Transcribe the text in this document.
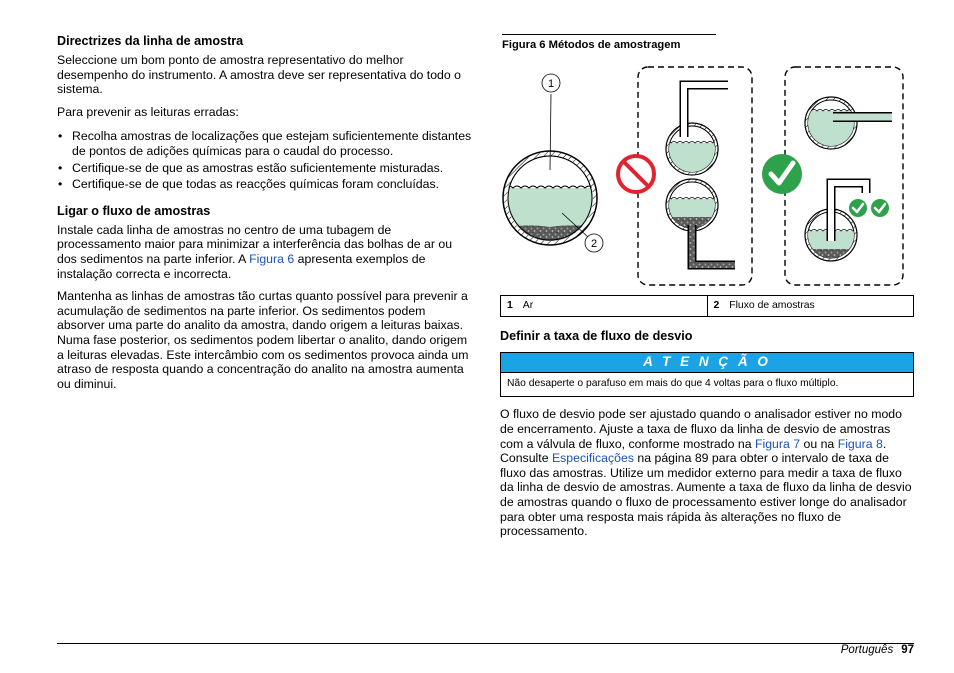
Directrizes da linha de amostra

Seleccione um bom ponto de amostra representativo do melhor desempenho do instrumento. A amostra deve ser representativa do todo o sistema.

Para prevenir as leituras erradas:

• Recolha amostras de localizações que estejam suficientemente distantes de pontos de adições químicas para o caudal do processo.
• Certifique-se de que as amostras estão suficientemente misturadas.
• Certifique-se de que todas as reacções químicas foram concluídas.
Ligar o fluxo de amostras

Instale cada linha de amostras no centro de uma tubagem de processamento maior para minimizar a interferência das bolhas de ar ou dos sedimentos na parte inferior. A Figura 6 apresenta exemplos de instalação correcta e incorrecta.

Mantenha as linhas de amostras tão curtas quanto possível para prevenir a acumulação de sedimentos na parte inferior. Os sedimentos podem absorver uma parte do analito da amostra, dando origem a leituras baixas. Numa fase posterior, os sedimentos podem libertar o analito, dando origem a leituras elevadas. Este intercâmbio com os sedimentos provoca ainda um atraso de resposta quando a concentração do analito na amostra aumenta ou diminui.

Figura 6 Métodos de amostragem
1
2
1 Ar	2 Fluxo de amostras
Definir a taxa de fluxo de desvio
A T E N Ç Ã O
Não desaperte o parafuso em mais do que 4 voltas para o fluxo múltiplo.

O fluxo de desvio pode ser ajustado quando o analisador estiver no modo de encerramento. Ajuste a taxa de fluxo da linha de desvio de amostras com a válvula de fluxo, conforme mostrado na Figura 7 ou na Figura 8. Consulte Especificações na página 89 para obter o intervalo de taxa de fluxo das amostras. Utilize um medidor externo para medir a taxa de fluxo da linha de desvio de amostras. Aumente a taxa de fluxo da linha de desvio de amostras quando o fluxo de processamento estiver longe do analisador para obter uma resposta mais rápida às alterações no fluxo de processamento.

Português 97
